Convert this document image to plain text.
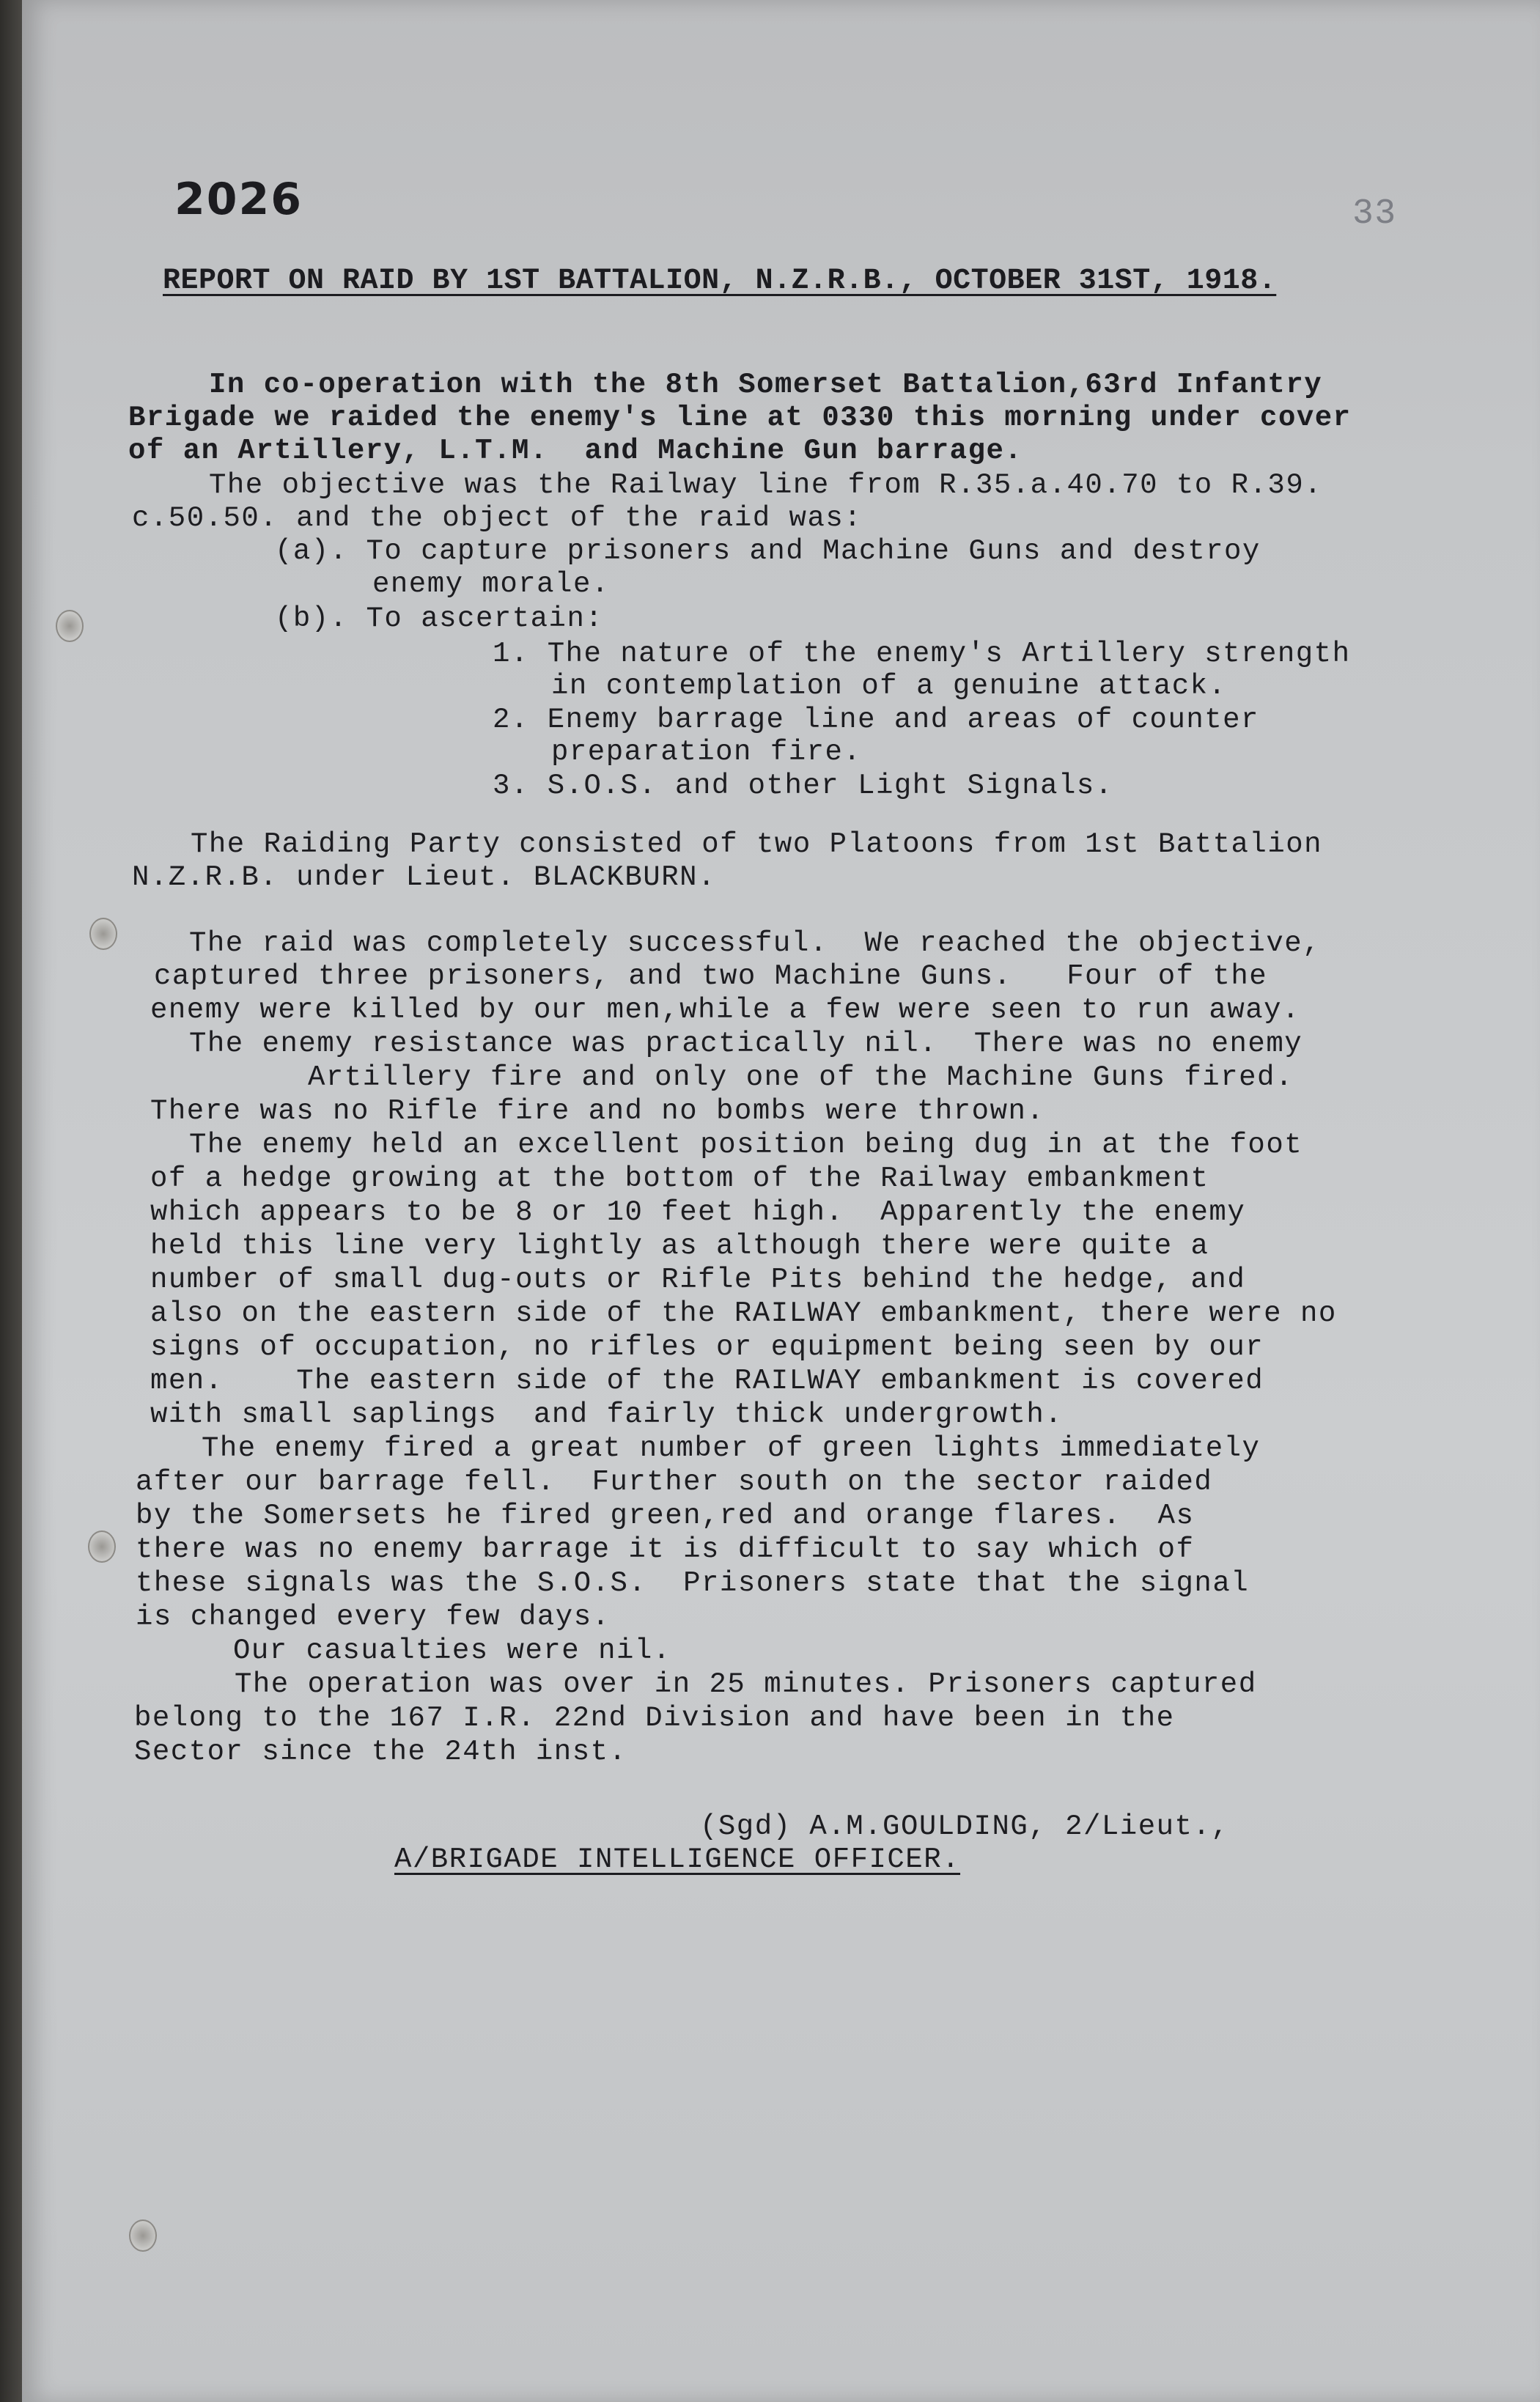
2026	33
REPORT ON RAID BY 1ST BATTALION, N.Z.R.B., OCTOBER 31ST, 1918.
In co-operation with the 8th Somerset Battalion,63rd Infantry
Brigade we raided the enemy's line at 0330 this morning under cover
of an Artillery, L.T.M.  and Machine Gun barrage.
The objective was the Railway line from R.35.a.40.70 to R.39.
c.50.50. and the object of the raid was:
(a). To capture prisoners and Machine Guns and destroy
enemy morale.
(b). To ascertain:
1. The nature of the enemy's Artillery strength
in contemplation of a genuine attack.
2. Enemy barrage line and areas of counter
preparation fire.
3. S.O.S. and other Light Signals.
The Raiding Party consisted of two Platoons from 1st Battalion
N.Z.R.B. under Lieut. BLACKBURN.
The raid was completely successful.  We reached the objective,
captured three prisoners, and two Machine Guns.   Four of the
enemy were killed by our men,while a few were seen to run away.
The enemy resistance was practically nil.  There was no enemy
Artillery fire and only one of the Machine Guns fired.
There was no Rifle fire and no bombs were thrown.
The enemy held an excellent position being dug in at the foot
of a hedge growing at the bottom of the Railway embankment
which appears to be 8 or 10 feet high.  Apparently the enemy
held this line very lightly as although there were quite a
number of small dug-outs or Rifle Pits behind the hedge, and
also on the eastern side of the RAILWAY embankment, there were no
signs of occupation, no rifles or equipment being seen by our
men.    The eastern side of the RAILWAY embankment is covered
with small saplings  and fairly thick undergrowth.
The enemy fired a great number of green lights immediately
after our barrage fell.  Further south on the sector raided
by the Somersets he fired green,red and orange flares.  As
there was no enemy barrage it is difficult to say which of
these signals was the S.O.S.  Prisoners state that the signal
is changed every few days.
Our casualties were nil.
The operation was over in 25 minutes. Prisoners captured
belong to the 167 I.R. 22nd Division and have been in the
Sector since the 24th inst.
(Sgd) A.M.GOULDING, 2/Lieut.,
A/BRIGADE INTELLIGENCE OFFICER.
